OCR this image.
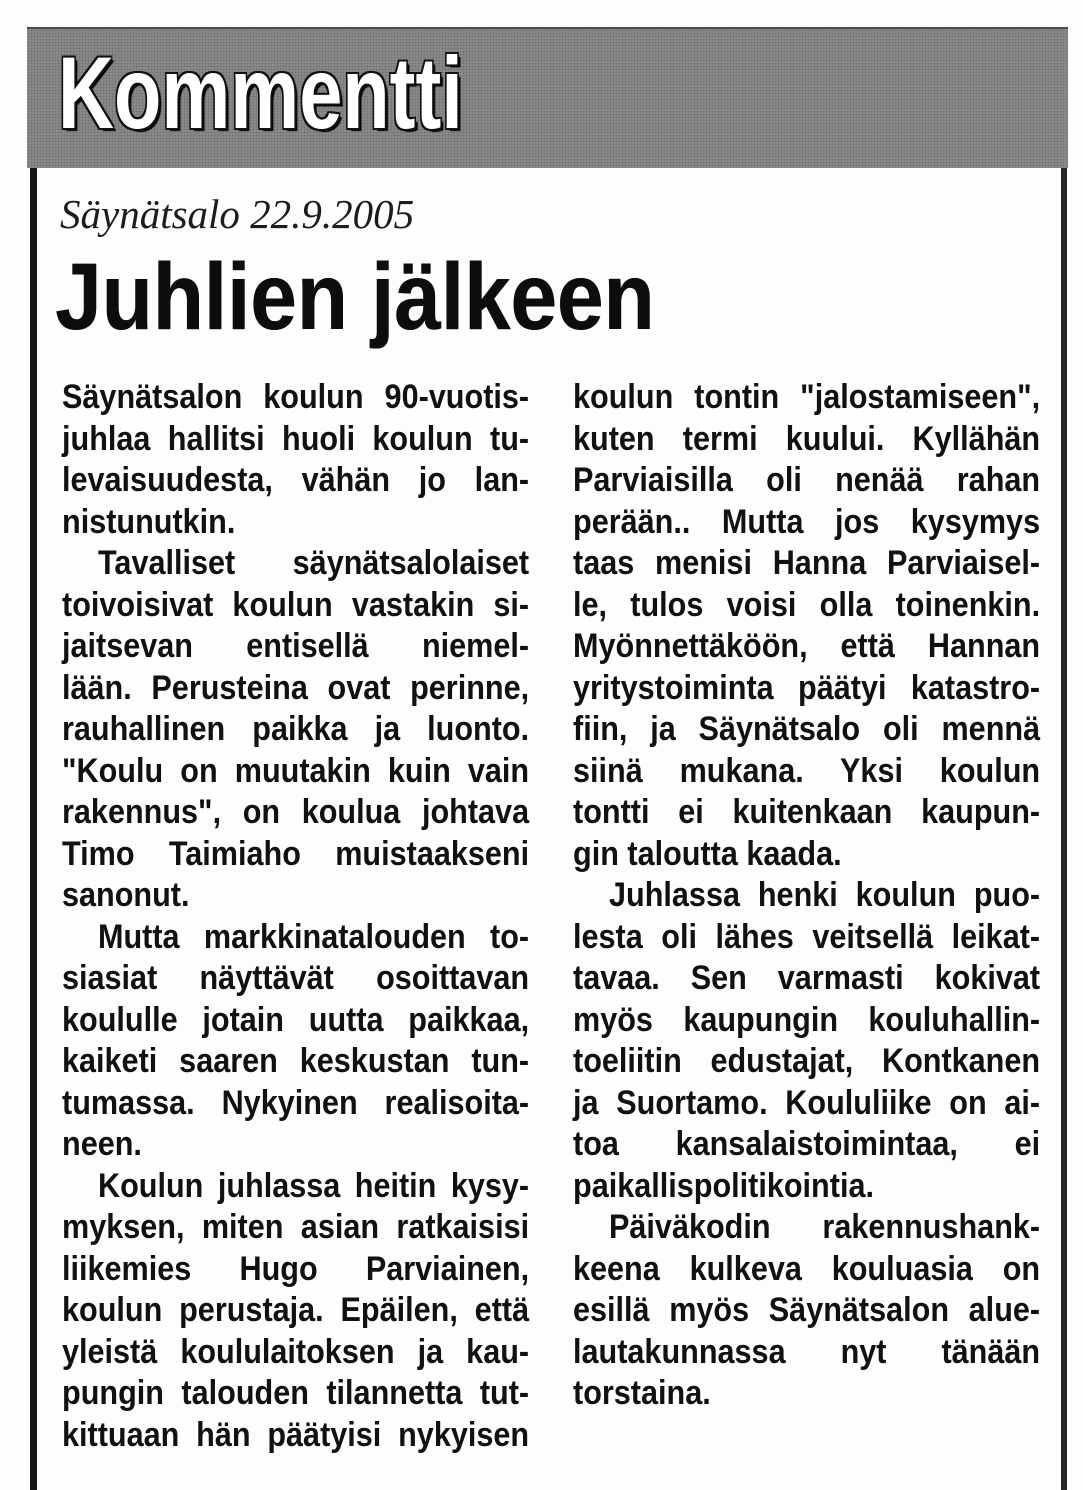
Kommentti
Säynätsalo 22.9.2005
Juhlien jälkeen
Säynätsalon koulun 90-vuotis-
juhlaa hallitsi huoli koulun tu-
levaisuudesta, vähän jo lan-
nistunutkin.
Tavalliset säynätsalolaiset
toivoisivat koulun vastakin si-
jaitsevan entisellä niemel-
lään. Perusteina ovat perinne,
rauhallinen paikka ja luonto.
"Koulu on muutakin kuin vain
rakennus", on koulua johtava
Timo Taimiaho muistaakseni
sanonut.
Mutta markkinatalouden to-
siasiat näyttävät osoittavan
koululle jotain uutta paikkaa,
kaiketi saaren keskustan tun-
tumassa. Nykyinen realisoita-
neen.
Koulun juhlassa heitin kysy-
myksen, miten asian ratkaisisi
liikemies Hugo Parviainen,
koulun perustaja. Epäilen, että
yleistä koululaitoksen ja kau-
pungin talouden tilannetta tut-
kittuaan hän päätyisi nykyisen
koulun tontin "jalostamiseen",
kuten termi kuului. Kyllähän
Parviaisilla oli nenää rahan
perään.. Mutta jos kysymys
taas menisi Hanna Parviaisel-
le, tulos voisi olla toinenkin.
Myönnettäköön, että Hannan
yritystoiminta päätyi katastro-
fiin, ja Säynätsalo oli mennä
siinä mukana. Yksi koulun
tontti ei kuitenkaan kaupun-
gin taloutta kaada.
Juhlassa henki koulun puo-
lesta oli lähes veitsellä leikat-
tavaa. Sen varmasti kokivat
myös kaupungin kouluhallin-
toeliitin edustajat, Kontkanen
ja Suortamo. Koululiike on ai-
toa kansalaistoimintaa, ei
paikallispolitikointia.
Päiväkodin rakennushank-
keena kulkeva kouluasia on
esillä myös Säynätsalon alue-
lautakunnassa nyt tänään
torstaina.
